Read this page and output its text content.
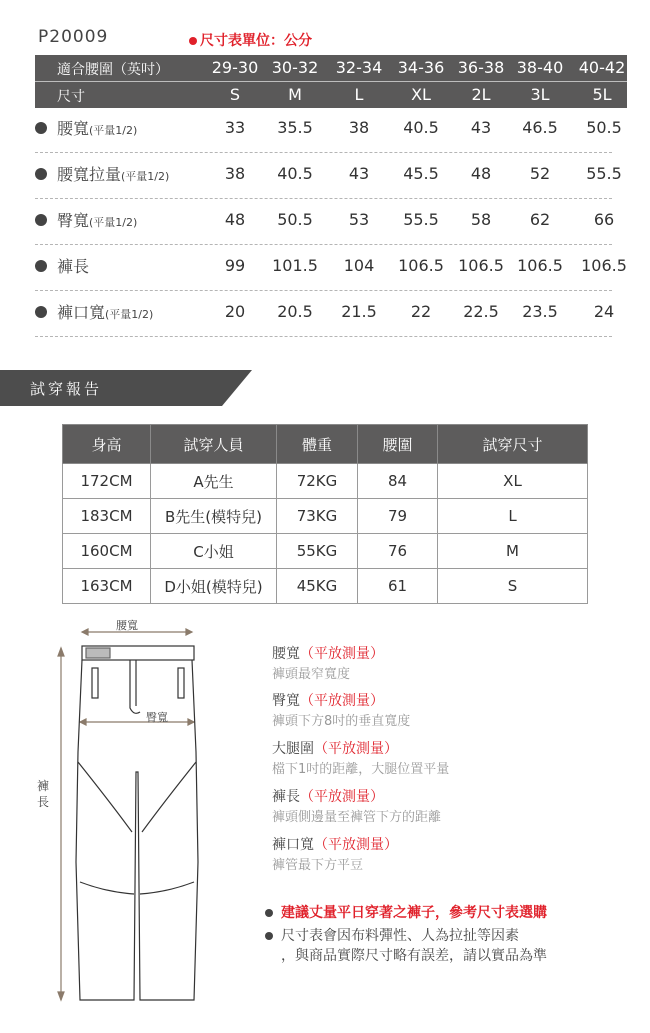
P20009	尺寸表單位：公分
適合腰圍（英吋）	29-30 30-32	32-34 34-36 36-38 38-40 40-42
尺寸	S	M	L	XL	2L	3L	5L
腰寬(平量1/2)	33	35.5	38	40.5	43	46.5	50.5
腰寬拉量(平量1/2)	38	40.5	43	45.5	48	52	55.5
臀寬(平量1/2)	48	50.5	53	55.5	58	62	66
褲長	99	101.5	104	106.5 106.5 106.5	106.5
褲口寬(平量1/2)	20	20.5	21.5	22	22.5	23.5	24
試穿報告
身高	試穿人員	體重	腰圍	試穿尺寸
172CM	A先生	72KG	84	XL
183CM	B先生(模特兒)	73KG	79	L
160CM	C小姐	55KG	76	M
163CM	D小姐(模特兒)	45KG	61	S
腰寬
臀寬
褲長
腰寬（平放測量）
褲頭最窄寬度
臀寬（平放測量）
褲頭下方8吋的垂直寬度
大腿圍（平放測量）
檔下1吋的距離，大腿位置平量
褲長（平放測量）
褲頭側邊量至褲管下方的距離
褲口寬（平放測量）
褲管最下方平豆
建議丈量平日穿著之褲子，參考尺寸表選購
尺寸表會因布料彈性、人為拉扯等因素
，與商品實際尺寸略有誤差，請以實品為準
